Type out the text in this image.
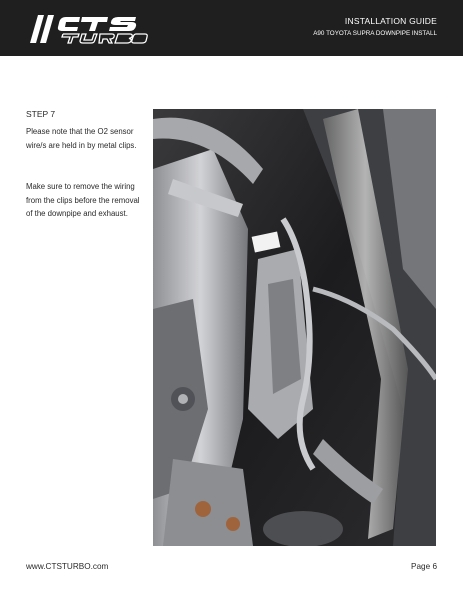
INSTALLATION GUIDE
A90 TOYOTA SUPRA DOWNPIPE INSTALL
STEP 7

Please note that the O2 sensor wire/s are held in by metal clips.

Make sure to remove the wiring from the clips before the removal of the downpipe and exhaust.

www.CTSTURBO.com	Page 6
